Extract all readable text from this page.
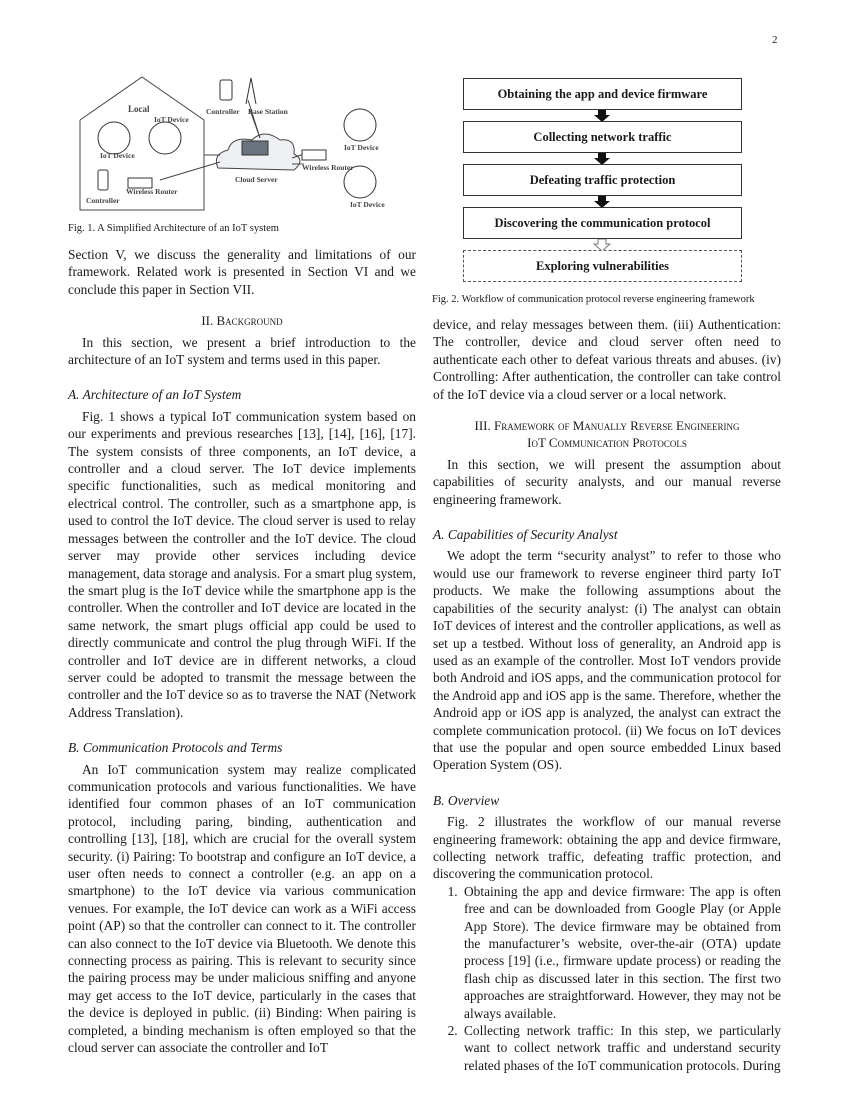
2
Local
IoT Device
IoT Device
Controller
Controller
Cloud Server
IoT Device
IoT Device
Wireless Router
Wireless Router
Base Station
Fig. 1. A Simplified Architecture of an IoT system
Obtaining the app and device firmware
Collecting network traffic
Defeating traffic protection
Discovering the communication protocol
Exploring vulnerabilities
Fig. 2. Workflow of communication protocol reverse engineering framework

Section V, we discuss the generality and limitations of our framework. Related work is presented in Section VI and we conclude this paper in Section VII.

II. Background

In this section, we present a brief introduction to the architecture of an IoT system and terms used in this paper.

A. Architecture of an IoT System

Fig. 1 shows a typical IoT communication system based on our experiments and previous researches [13], [14], [16], [17]. The system consists of three components, an IoT device, a controller and a cloud server. The IoT device implements specific functionalities, such as medical monitoring and electrical control. The controller, such as a smartphone app, is used to control the IoT device. The cloud server is used to relay messages between the controller and the IoT device. The cloud server may provide other services including device management, data storage and analysis. For a smart plug system, the smart plug is the IoT device while the smartphone app is the controller. When the controller and IoT device are located in the same network, the smart plugs official app could be used to directly communicate and control the plug through WiFi. If the controller and IoT device are in different networks, a cloud server could be adopted to transmit the message between the controller and the IoT device so as to traverse the NAT (Network Address Translation).

B. Communication Protocols and Terms

An IoT communication system may realize complicated communication protocols and various functionalities. We have identified four common phases of an IoT communication protocol, including paring, binding, authentication and controlling [13], [18], which are crucial for the overall system security. (i) Pairing: To bootstrap and configure an IoT device, a user often needs to connect a controller (e.g. an app on a smartphone) to the IoT device via various communication venues. For example, the IoT device can work as a WiFi access point (AP) so that the controller can connect to it. The controller can also connect to the IoT device via Bluetooth. We denote this connecting process as pairing. This is relevant to security since the pairing process may be under malicious sniffing and anyone may get access to the IoT device, particularly in the cases that the device is deployed in public. (ii) Binding: When pairing is completed, a binding mechanism is often employed so that the cloud server can associate the controller and IoT

device, and relay messages between them. (iii) Authentication: The controller, device and cloud server often need to authenticate each other to defeat various threats and abuses. (iv) Controlling: After authentication, the controller can take control of the IoT device via a cloud server or a local network.

III. Framework of Manually Reverse Engineering

IoT Communication Protocols

In this section, we will present the assumption about capabilities of security analysts, and our manual reverse engineering framework.

A. Capabilities of Security Analyst

We adopt the term “security analyst” to refer to those who would use our framework to reverse engineer third party IoT products. We make the following assumptions about the capabilities of the security analyst: (i) The analyst can obtain IoT devices of interest and the controller applications, as well as set up a testbed. Without loss of generality, an Android app is used as an example of the controller. Most IoT vendors provide both Android and iOS apps, and the communication protocol for the Android app and iOS app is the same. Therefore, whether the Android app or iOS app is analyzed, the analyst can extract the complete communication protocol. (ii) We focus on IoT devices that use the popular and open source embedded Linux based Operation System (OS).

B. Overview

Fig. 2 illustrates the workflow of our manual reverse engineering framework: obtaining the app and device firmware, collecting network traffic, defeating traffic protection, and discovering the communication protocol.

1. Obtaining the app and device firmware: The app is often free and can be downloaded from Google Play (or Apple App Store). The device firmware may be obtained from the manufacturer’s website, over-the-air (OTA) update process [19] (i.e., firmware update process) or reading the flash chip as discussed later in this section. The first two approaches are straightforward. However, they may not be always available.
2. Collecting network traffic: In this step, we particularly want to collect network traffic and understand security related phases of the IoT communication protocols. During
